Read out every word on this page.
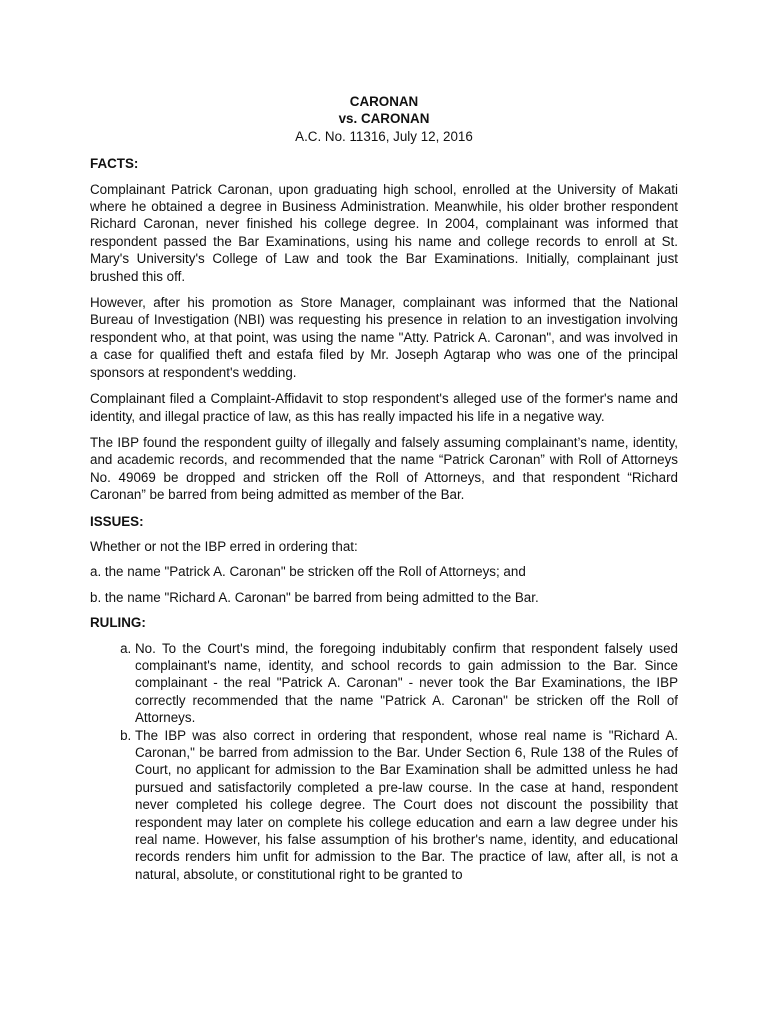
CARONAN
vs. CARONAN
A.C. No. 11316, July 12, 2016
FACTS:

Complainant Patrick Caronan, upon graduating high school, enrolled at the University of Makati where he obtained a degree in Business Administration. Meanwhile, his older brother respondent Richard Caronan, never finished his college degree. In 2004, complainant was informed that respondent passed the Bar Examinations, using his name and college records to enroll at St. Mary's University's College of Law and took the Bar Examinations. Initially, complainant just brushed this off.

However, after his promotion as Store Manager, complainant was informed that the National Bureau of Investigation (NBI) was requesting his presence in relation to an investigation involving respondent who, at that point, was using the name "Atty. Patrick A. Caronan", and was involved in a case for qualified theft and estafa filed by Mr. Joseph Agtarap who was one of the principal sponsors at respondent's wedding.

Complainant filed a Complaint-Affidavit to stop respondent's alleged use of the former's name and identity, and illegal practice of law, as this has really impacted his life in a negative way.

The IBP found the respondent guilty of illegally and falsely assuming complainant’s name, identity, and academic records, and recommended that the name “Patrick Caronan” with Roll of Attorneys No. 49069 be dropped and stricken off the Roll of Attorneys, and that respondent “Richard Caronan” be barred from being admitted as member of the Bar.

ISSUES:

Whether or not the IBP erred in ordering that:

a. the name "Patrick A. Caronan" be stricken off the Roll of Attorneys; and

b. the name "Richard A. Caronan" be barred from being admitted to the Bar.

RULING:
a. No. To the Court's mind, the foregoing indubitably confirm that respondent falsely used complainant's name, identity, and school records to gain admission to the Bar. Since complainant - the real "Patrick A. Caronan" - never took the Bar Examinations, the IBP correctly recommended that the name "Patrick A. Caronan" be stricken off the Roll of Attorneys.
b. The IBP was also correct in ordering that respondent, whose real name is "Richard A. Caronan," be barred from admission to the Bar. Under Section 6, Rule 138 of the Rules of Court, no applicant for admission to the Bar Examination shall be admitted unless he had pursued and satisfactorily completed a pre-law course. In the case at hand, respondent never completed his college degree. The Court does not discount the possibility that respondent may later on complete his college education and earn a law degree under his real name. However, his false assumption of his brother's name, identity, and educational records renders him unfit for admission to the Bar. The practice of law, after all, is not a natural, absolute, or constitutional right to be granted to
